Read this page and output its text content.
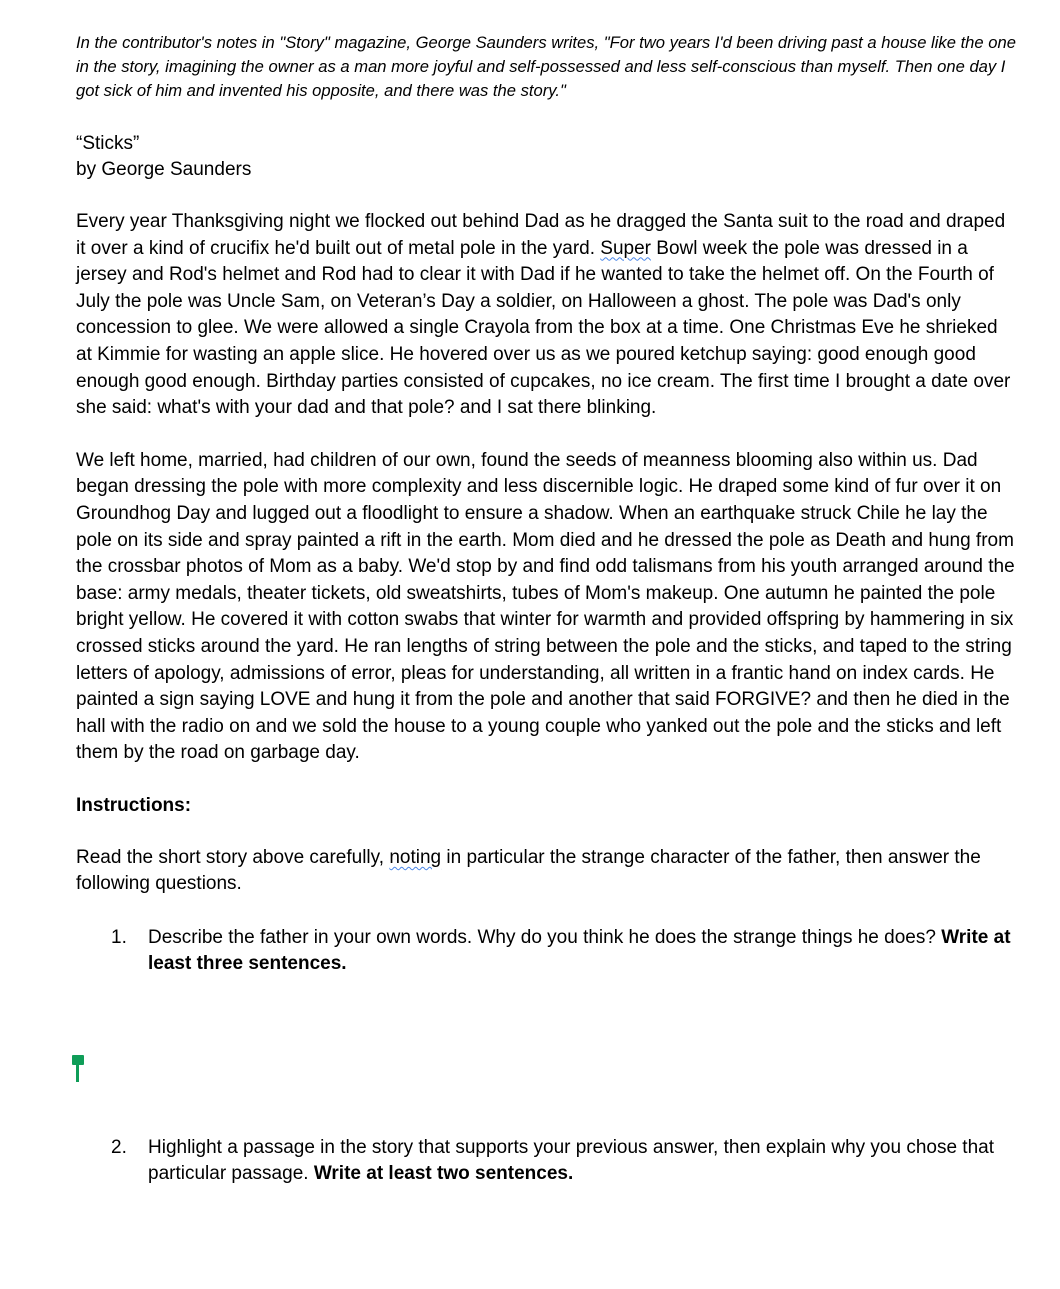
In the contributor's notes in "Story" magazine, George Saunders writes, "For two years I'd been driving past a house like the one in the story, imagining the owner as a man more joyful and self-possessed and less self-conscious than myself. Then one day I got sick of him and invented his opposite, and there was the story."

“Sticks”
by George Saunders

Every year Thanksgiving night we flocked out behind Dad as he dragged the Santa suit to the road and draped it over a kind of crucifix he'd built out of metal pole in the yard. Super Bowl week the pole was dressed in a jersey and Rod's helmet and Rod had to clear it with Dad if he wanted to take the helmet off. On the Fourth of July the pole was Uncle Sam, on Veteran’s Day a soldier, on Halloween a ghost. The pole was Dad's only concession to glee. We were allowed a single Crayola from the box at a time. One Christmas Eve he shrieked at Kimmie for wasting an apple slice. He hovered over us as we poured ketchup saying: good enough good enough good enough. Birthday parties consisted of cupcakes, no ice cream. The first time I brought a date over she said: what's with your dad and that pole? and I sat there blinking.

We left home, married, had children of our own, found the seeds of meanness blooming also within us. Dad began dressing the pole with more complexity and less discernible logic. He draped some kind of fur over it on Groundhog Day and lugged out a floodlight to ensure a shadow. When an earthquake struck Chile he lay the pole on its side and spray painted a rift in the earth. Mom died and he dressed the pole as Death and hung from the crossbar photos of Mom as a baby. We'd stop by and find odd talismans from his youth arranged around the base: army medals, theater tickets, old sweatshirts, tubes of Mom's makeup. One autumn he painted the pole bright yellow. He covered it with cotton swabs that winter for warmth and provided offspring by hammering in six crossed sticks around the yard. He ran lengths of string between the pole and the sticks, and taped to the string letters of apology, admissions of error, pleas for understanding, all written in a frantic hand on index cards. He painted a sign saying LOVE and hung it from the pole and another that said FORGIVE? and then he died in the hall with the radio on and we sold the house to a young couple who yanked out the pole and the sticks and left them by the road on garbage day.

Instructions:

Read the short story above carefully, noting in particular the strange character of the father, then answer the following questions.

1. Describe the father in your own words. Why do you think he does the strange things he does? Write at least three sentences.
2. Highlight a passage in the story that supports your previous answer, then explain why you chose that particular passage. Write at least two sentences.
